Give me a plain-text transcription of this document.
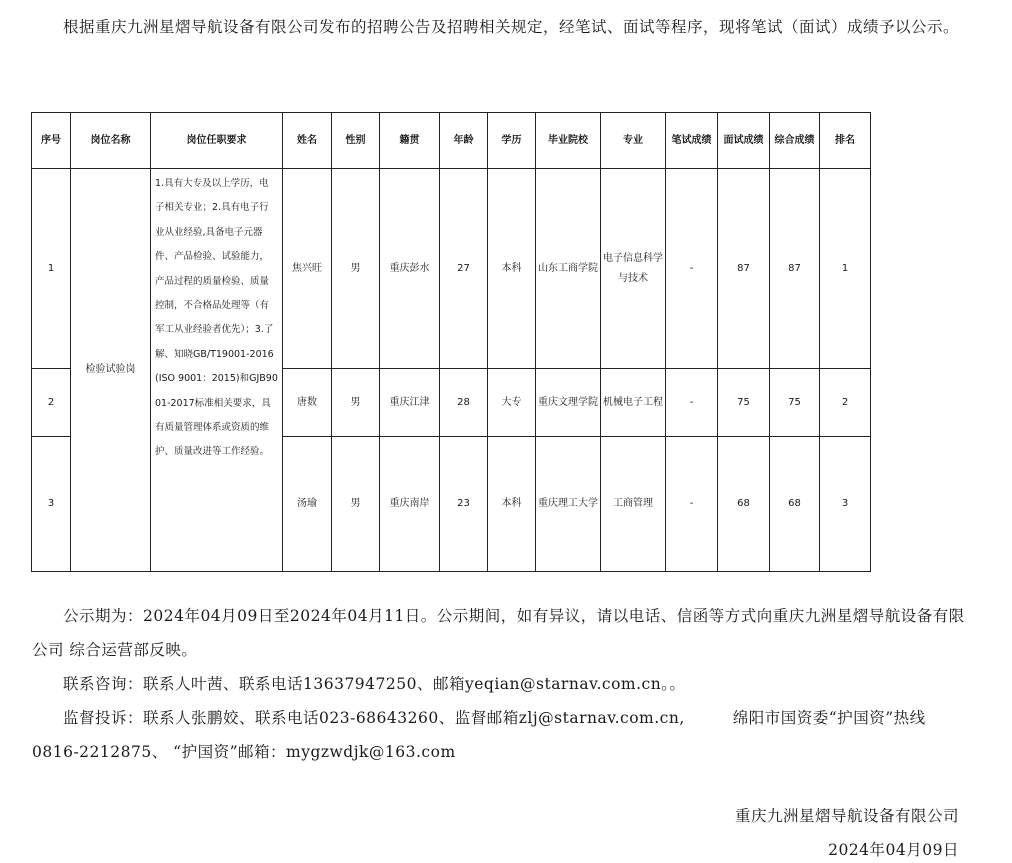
根据重庆九洲星熠导航设备有限公司发布的招聘公告及招聘相关规定，经笔试、面试等程序，现将笔试（面试）成绩予以公示。

序号	岗位名称	岗位任职要求	姓名	性别	籍贯	年龄	学历	毕业院校	专业	笔试成绩	面试成绩	综合成绩	排名
1	检验试验岗	1.具有大专及以上学历，电子相关专业；2.具有电子行业从业经验,具备电子元器件、产品检验、试验能力，产品过程的质量检验、质量控制，不合格品处理等（有军工从业经验者优先）；3.了解、知晓GB/T19001-2016(ISO 9001：2015)和GJB9001-2017标准相关要求，具有质量管理体系或资质的维护、质量改进等工作经验。	焦兴旺	男	重庆彭水	27	本科	山东工商学院	电子信息科学与技术	-	87	87	1
2			唐数	男	重庆江津	28	大专	重庆文理学院	机械电子工程	-	75	75	2
3			汤瑜	男	重庆南岸	23	本科	重庆理工大学	工商管理	-	68	68	3

公示期为：2024年04月09日至2024年04月11日。公示期间，如有异议，请以电话、信函等方式向重庆九洲星熠导航设备有限公司 综合运营部反映。

联系咨询：联系人叶茜、联系电话13637947250、邮箱yeqian@starnav.com.cn。。

监督投诉：联系人张鹏姣、联系电话023-68643260、监督邮箱zlj@starnav.com.cn,　　　绵阳市国资委“护国资”热线0816-2212875、 “护国资”邮箱：mygzwdjk@163.com

重庆九洲星熠导航设备有限公司

2024年04月09日
